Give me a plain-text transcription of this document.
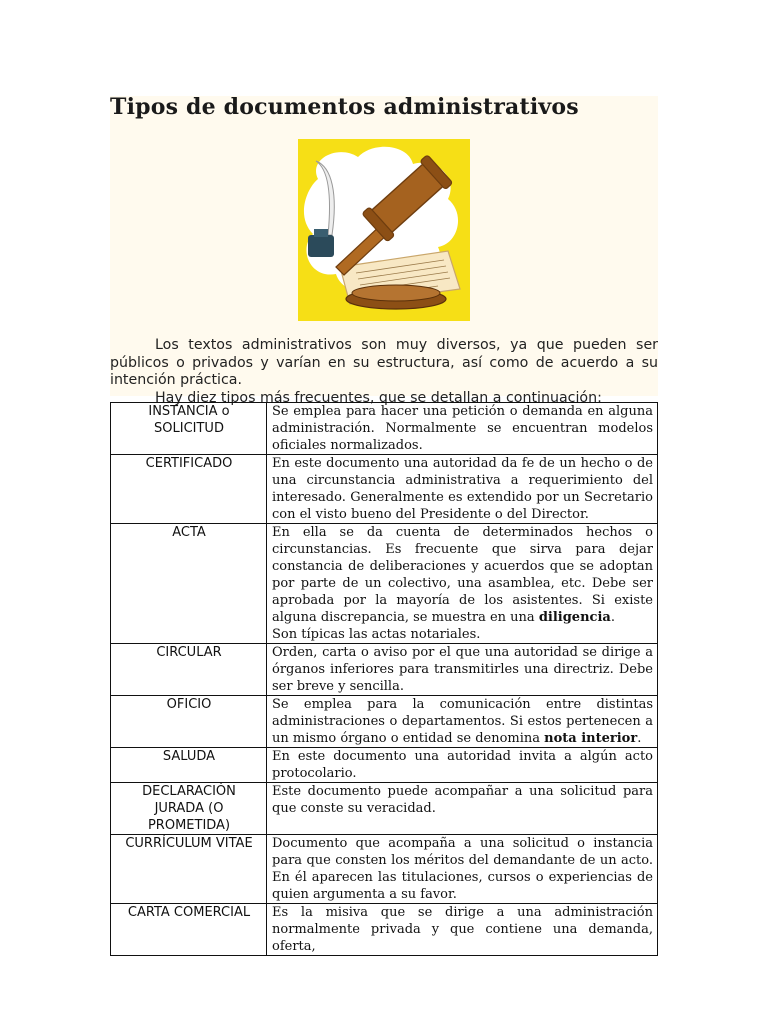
Tipos de documentos administrativos

Los textos administrativos son muy diversos, ya que pueden ser públicos o privados y varían en su estructura, así como de acuerdo a su intención práctica.

Hay diez tipos más frecuentes, que se detallan a continuación:

INSTANCIA o SOLICITUD	Se emplea para hacer una petición o demanda en alguna administración. Normalmente se encuentran modelos oficiales normalizados.
CERTIFICADO	En este documento una autoridad da fe de un hecho o de una circunstancia administrativa a requerimiento del interesado. Generalmente es extendido por un Secretario con el visto bueno del Presidente o del Director.
ACTA	En ella se da cuenta de determinados hechos o circunstancias. Es frecuente que sirva para dejar constancia de deliberaciones y acuerdos que se adoptan por parte de un colectivo, una asamblea, etc. Debe ser aprobada por la mayoría de los asistentes. Si existe alguna discrepancia, se muestra en una diligencia.
Son típicas las actas notariales.
CIRCULAR	Orden, carta o aviso por el que una autoridad se dirige a órganos inferiores para transmitirles una directriz. Debe ser breve y sencilla.
OFICIO	Se emplea para la comunicación entre distintas administraciones o departamentos. Si estos pertenecen a un mismo órgano o entidad se denomina nota interior.
SALUDA	En este documento una autoridad invita a algún acto protocolario.
DECLARACIÓN JURADA (O PROMETIDA)	Este documento puede acompañar a una solicitud para que conste su veracidad.
CURRÍCULUM VITAE	Documento que acompaña a una solicitud o instancia para que consten los méritos del demandante de un acto. En él aparecen las titulaciones, cursos o experiencias de quien argumenta a su favor.
CARTA COMERCIAL	Es la misiva que se dirige a una administración normalmente privada y que contiene una demanda, oferta,
